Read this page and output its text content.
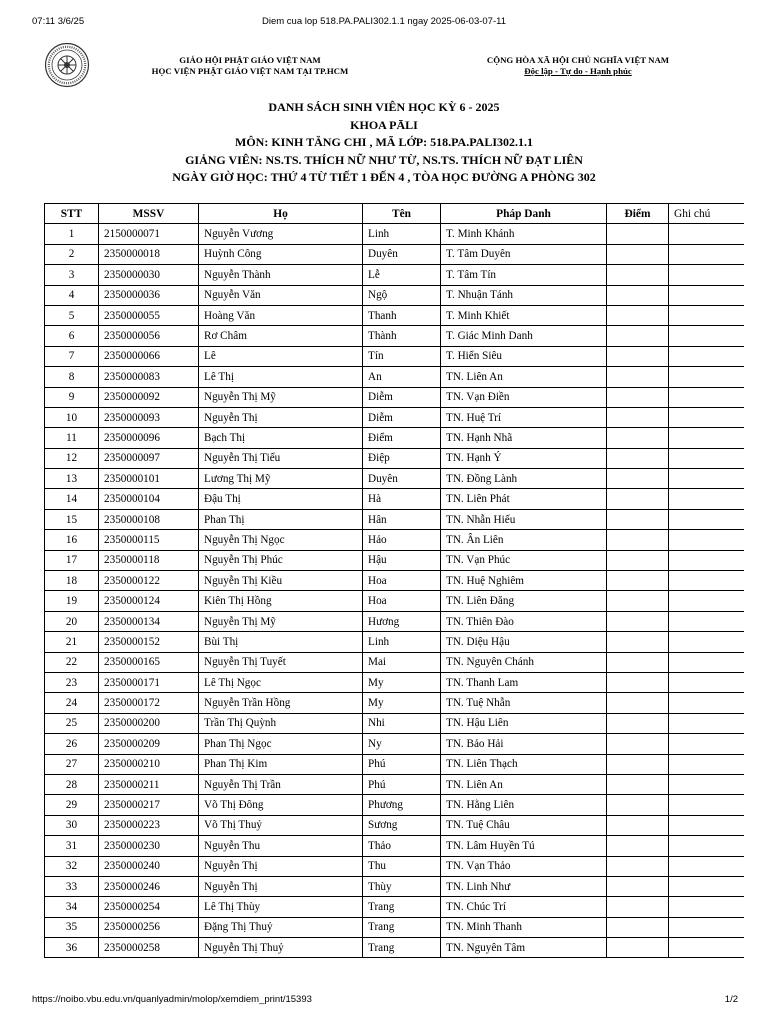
07:11 3/6/25	Diem cua lop 518.PA.PALI302.1.1 ngay 2025-06-03-07-11
GIÁO HỘI PHẬT GIÁO VIỆT NAM
HỌC VIỆN PHẬT GIÁO VIỆT NAM TẠI TP.HCM
CỘNG HÒA XÃ HỘI CHỦ NGHĨA VIỆT NAM
Độc lập - Tự do - Hạnh phúc
DANH SÁCH SINH VIÊN HỌC KỲ 6 - 2025
KHOA PĀLI
MÔN: KINH TĂNG CHI , MÃ LỚP: 518.PA.PALI302.1.1
GIẢNG VIÊN: NS.TS. THÍCH NỮ NHƯ TỪ, NS.TS. THÍCH NỮ ĐẠT LIÊN
NGÀY GIỜ HỌC: THỨ 4 TỪ TIẾT 1 ĐẾN 4 , TÒA HỌC ĐƯỜNG A PHÒNG 302
STT	MSSV	Họ	Tên	Pháp Danh	Điểm	Ghi chú
1	2150000071	Nguyễn Vương	Linh	T. Minh Khánh		
2	2350000018	Huỳnh Công	Duyên	T. Tâm Duyên		
3	2350000030	Nguyễn Thành	Lễ	T. Tâm Tín		
4	2350000036	Nguyễn Văn	Ngộ	T. Nhuận Tánh		
5	2350000055	Hoàng Văn	Thanh	T. Minh Khiết		
6	2350000056	Rơ Châm	Thành	T. Giác Minh Danh		
7	2350000066	Lê	Tín	T. Hiển Siêu		
8	2350000083	Lê Thị	An	TN. Liên An		
9	2350000092	Nguyễn Thị Mỹ	Diễm	TN. Vạn Điền		
10	2350000093	Nguyễn Thị	Diễm	TN. Huệ Trí		
11	2350000096	Bạch Thị	Điểm	TN. Hạnh Nhã		
12	2350000097	Nguyễn Thị Tiểu	Điệp	TN. Hạnh Ý		
13	2350000101	Lương Thị Mỹ	Duyên	TN. Đồng Lành		
14	2350000104	Đậu Thị	Hà	TN. Liên Phát		
15	2350000108	Phan Thị	Hân	TN. Nhẫn Hiếu		
16	2350000115	Nguyễn Thị Ngọc	Hảo	TN. Ân Liên		
17	2350000118	Nguyễn Thị Phúc	Hậu	TN. Vạn Phúc		
18	2350000122	Nguyễn Thị Kiều	Hoa	TN. Huệ Nghiêm		
19	2350000124	Kiên Thị Hồng	Hoa	TN. Liên Đăng		
20	2350000134	Nguyễn Thị Mỹ	Hương	TN. Thiên Đào		
21	2350000152	Bùi Thị	Linh	TN. Diệu Hậu		
22	2350000165	Nguyễn Thị Tuyết	Mai	TN. Nguyên Chánh		
23	2350000171	Lê Thị Ngọc	My	TN. Thanh Lam		
24	2350000172	Nguyễn Trần Hồng	My	TN. Tuệ Nhẫn		
25	2350000200	Trần Thị Quỳnh	Nhi	TN. Hậu Liên		
26	2350000209	Phan Thị Ngọc	Ny	TN. Bảo Hải		
27	2350000210	Phan Thị Kim	Phú	TN. Liên Thạch		
28	2350000211	Nguyễn Thị Trần	Phú	TN. Liên An		
29	2350000217	Võ Thị Đông	Phương	TN. Hằng Liên		
30	2350000223	Võ Thị Thuỷ	Sương	TN. Tuệ Châu		
31	2350000230	Nguyễn Thu	Thảo	TN. Lâm Huyền Tú		
32	2350000240	Nguyễn Thị	Thu	TN. Vạn Thảo		
33	2350000246	Nguyễn Thị	Thùy	TN. Linh Như		
34	2350000254	Lê Thị Thùy	Trang	TN. Chúc Trí		
35	2350000256	Đặng Thị Thuỷ	Trang	TN. Minh Thanh		
36	2350000258	Nguyễn Thị Thuỷ	Trang	TN. Nguyên Tâm		
https://noibo.vbu.edu.vn/quanlyadmin/molop/xemdiem_print/15393	1/2
